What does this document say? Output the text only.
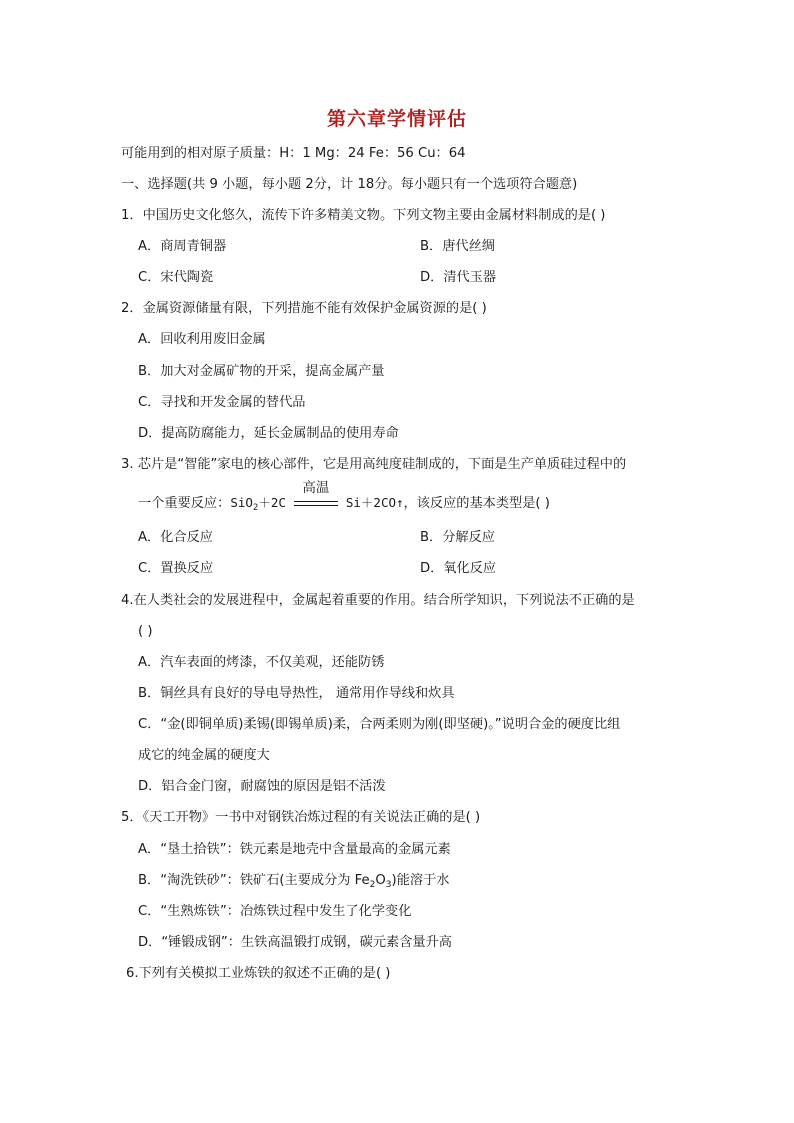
第六章学情评估
可能用到的相对原子质量：H：1 Mg：24 Fe：56 Cu：64
一、选择题(共 9 小题，每小题 2分，计 18分。每小题只有一个选项符合题意)
1．中国历史文化悠久，流传下许多精美文物。下列文物主要由金属材料制成的是( )
A．商周青铜器	B．唐代丝绸
C．宋代陶瓷	D．清代玉器
2．金属资源储量有限，下列措施不能有效保护金属资源的是( )
A．回收利用废旧金属
B．加大对金属矿物的开采，提高金属产量
C．寻找和开发金属的替代品
D．提高防腐能力，延长金属制品的使用寿命
3. 芯片是“智能”家电的核心部件，它是用高纯度硅制成的，下面是生产单质硅过程中的
一个重要反应：SiO$_2$＋2C
高温
Si＋2CO↑，该反应的基本类型是( )
A．化合反应	B．分解反应
C．置换反应	D．氧化反应
4.在人类社会的发展进程中，金属起着重要的作用。结合所学知识，下列说法不正确的是
( )
A．汽车表面的烤漆，不仅美观，还能防锈
B．铜丝具有良好的导电导热性， 通常用作导线和炊具
C．“金(即铜单质)柔锡(即锡单质)柔，合两柔则为刚(即坚硬)。”说明合金的硬度比组
成它的纯金属的硬度大
D．铝合金门窗，耐腐蚀的原因是铝不活泼
5．《天工开物》一书中对钢铁冶炼过程的有关说法正确的是( )
A．“垦土拾铁”：铁元素是地壳中含量最高的金属元素
B．“淘洗铁砂”：铁矿石(主要成分为 $Fe_2O_3$)能溶于水
C．“生熟炼铁”：冶炼铁过程中发生了化学变化
D．“锤锻成钢”：生铁高温锻打成钢，碳元素含量升高
6.下列有关模拟工业炼铁的叙述不正确的是( )
